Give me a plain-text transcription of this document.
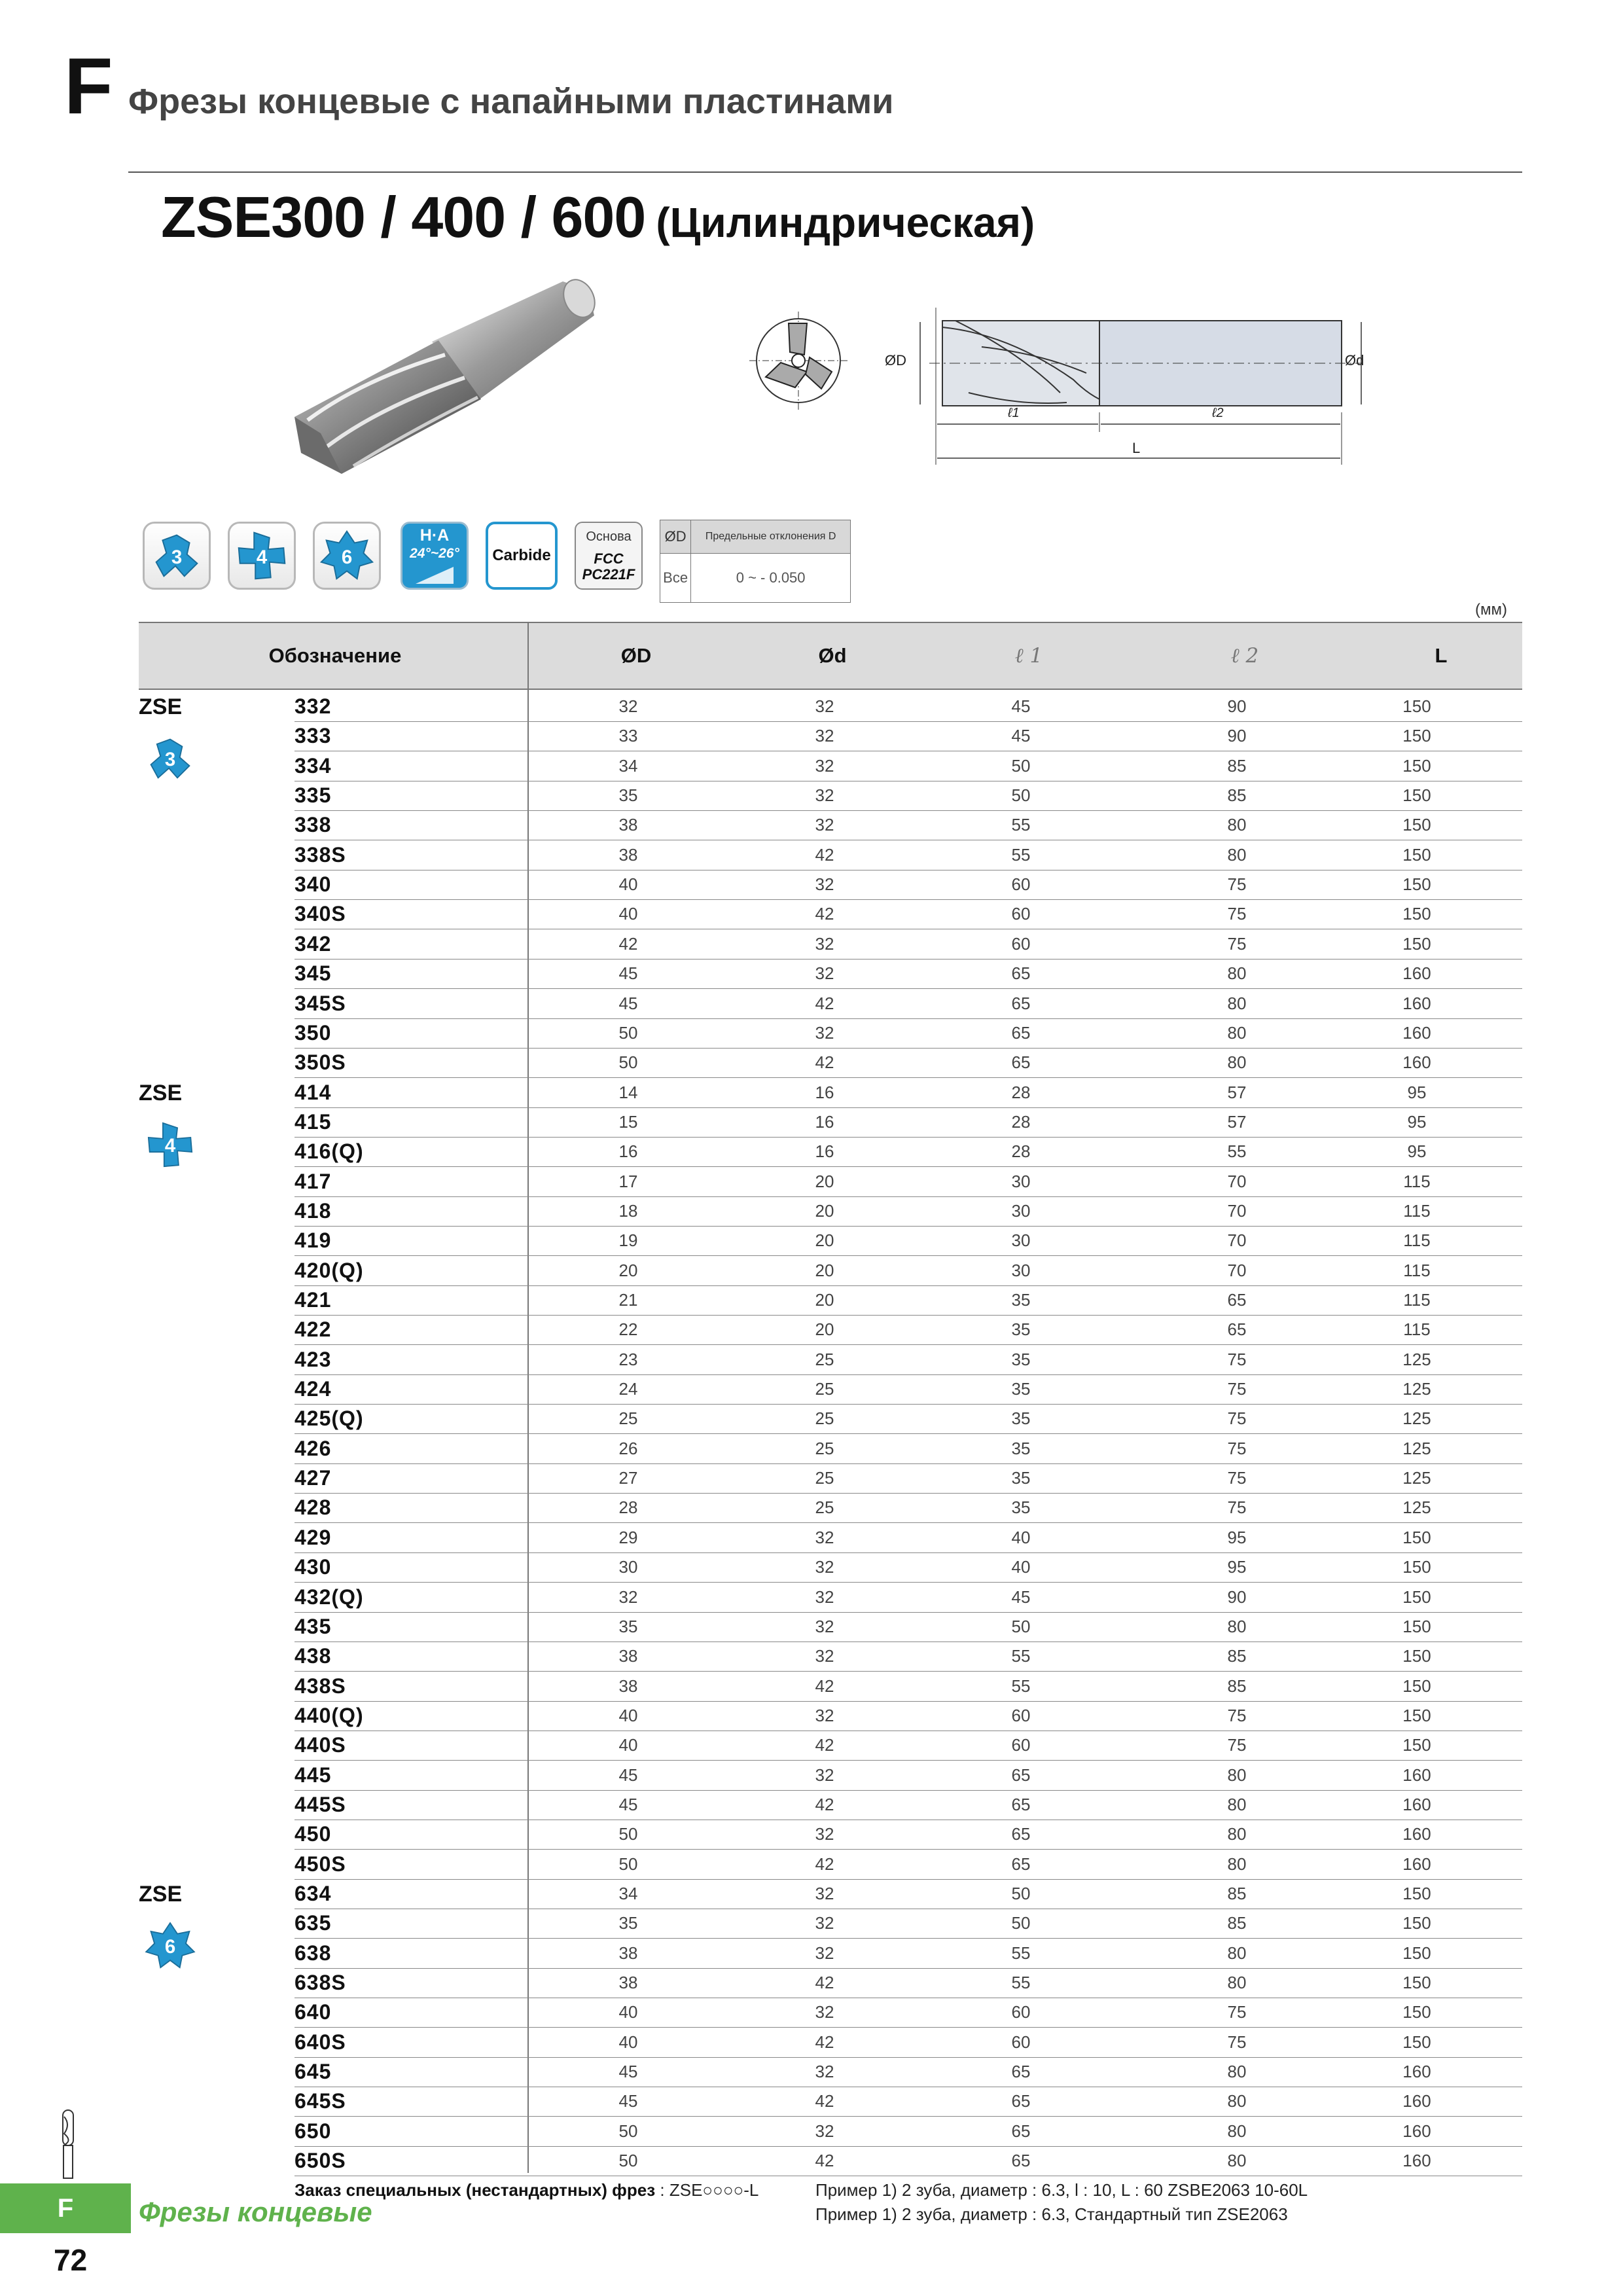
F Фрезы концевые с напайными пластинами
ZSE300 / 400 / 600 (Цилиндрическая)
ØD	Ød
ℓ1	ℓ2
L
3	4	6
H·A
24°~26°	Carbide
Основа
FCC
PC221F
ØD	Предельные отклонения D
Все	0 ~ - 0.050
(мм)
Обозначение	ØD	Ød	ℓ 1	ℓ 2	L
ZSE
3
332	32	32	45	90	150
333	33	32	45	90	150
334	34	32	50	85	150
335	35	32	50	85	150
338	38	32	55	80	150
338S	38	42	55	80	150
340	40	32	60	75	150
340S	40	42	60	75	150
342	42	32	60	75	150
345	45	32	65	80	160
345S	45	42	65	80	160
350	50	32	65	80	160
350S	50	42	65	80	160
ZSE
4
414	14	16	28	57	95
415	15	16	28	57	95
416(Q)	16	16	28	55	95
417	17	20	30	70	115
418	18	20	30	70	115
419	19	20	30	70	115
420(Q)	20	20	30	70	115
421	21	20	35	65	115
422	22	20	35	65	115
423	23	25	35	75	125
424	24	25	35	75	125
425(Q)	25	25	35	75	125
426	26	25	35	75	125
427	27	25	35	75	125
428	28	25	35	75	125
429	29	32	40	95	150
430	30	32	40	95	150
432(Q)	32	32	45	90	150
435	35	32	50	80	150
438	38	32	55	85	150
438S	38	42	55	85	150
440(Q)	40	32	60	75	150
440S	40	42	60	75	150
445	45	32	65	80	160
445S	45	42	65	80	160
450	50	32	65	80	160
450S	50	42	65	80	160
ZSE
6
634	34	32	50	85	150
635	35	32	50	85	150
638	38	32	55	80	150
638S	38	42	55	80	150
640	40	32	60	75	150
640S	40	42	60	75	150
645	45	32	65	80	160
645S	45	42	65	80	160
650	50	32	65	80	160
650S	50	42	65	80	160
Заказ специальных (нестандартных) фрез : ZSE○○○○-L	Пример 1) 2 зуба, диаметр : 6.3, l : 10, L : 60 ZSBE2063 10-60L
Пример 1) 2 зуба, диаметр : 6.3, Стандартный тип ZSE2063
F	Фрезы концевые
72
